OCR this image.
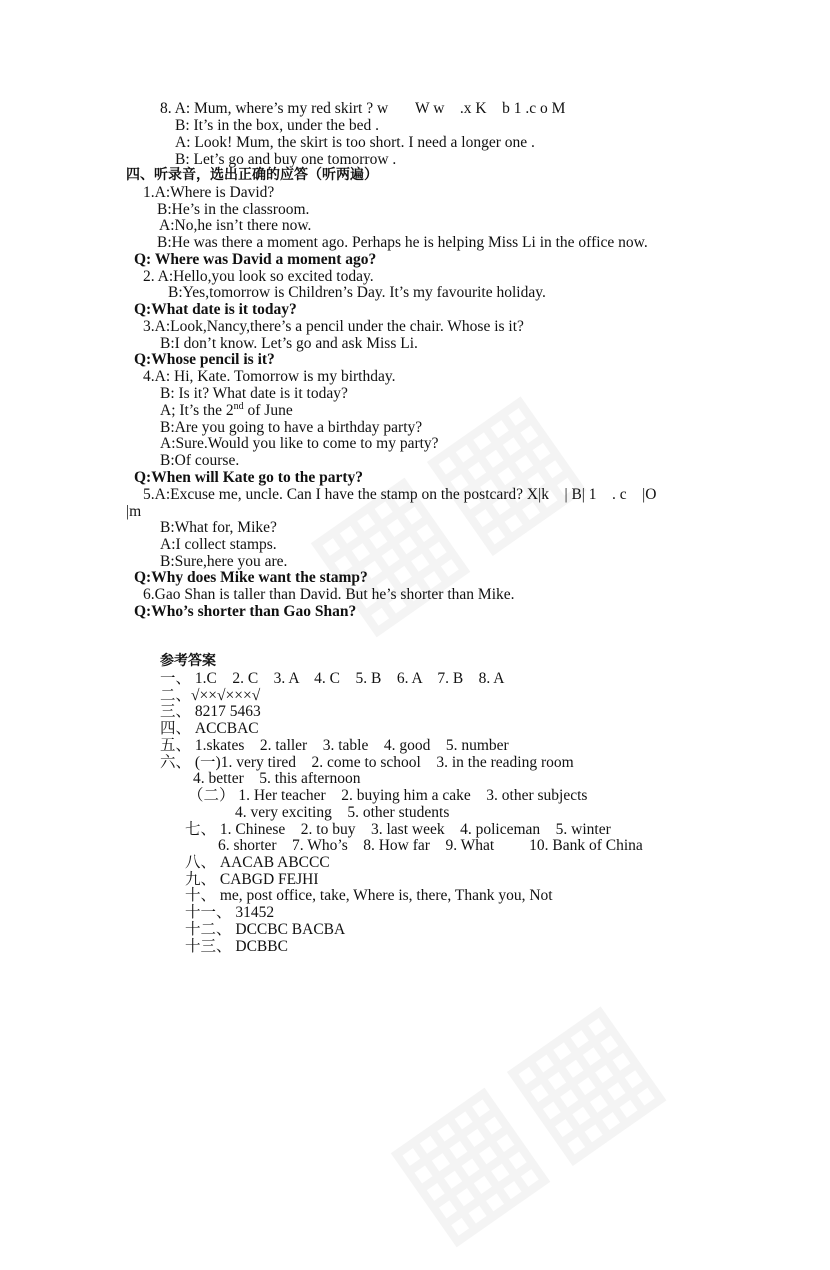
8. A: Mum, where’s my red skirt ? w       W w    .x K    b 1 .c o M
B: It’s in the box, under the bed .
A: Look! Mum, the skirt is too short. I need a longer one .
B: Let’s go and buy one tomorrow .
四、听录音，选出正确的应答（听两遍）
1.A:Where is David?
B:He’s in the classroom.
A:No,he isn’t there now.
B:He was there a moment ago. Perhaps he is helping Miss Li in the office now.
Q: Where was David a moment ago?
2. A:Hello,you look so excited today.
B:Yes,tomorrow is Children’s Day. It’s my favourite holiday.
Q:What date is it today?
3.A:Look,Nancy,there’s a pencil under the chair. Whose is it?
B:I don’t know. Let’s go and ask Miss Li.
Q:Whose pencil is it?
4.A: Hi, Kate. Tomorrow is my birthday.
B: Is it? What date is it today?
A; It’s the 2nd of June
B:Are you going to have a birthday party?
A:Sure.Would you like to come to my party?
B:Of course.
Q:When will Kate go to the party?
5.A:Excuse me, uncle. Can I have the stamp on the postcard? X|k    | B| 1    . c    |O
|m
B:What for, Mike?
A:I collect stamps.
B:Sure,here you are.
Q:Why does Mike want the stamp?
6.Gao Shan is taller than David. But he’s shorter than Mike.
Q:Who’s shorter than Gao Shan?
参考答案
一、 1.C    2. C    3. A    4. C    5. B    6. A    7. B    8. A
二、√××√×××√
三、 8217 5463
四、 ACCBAC
五、 1.skates    2. taller    3. table    4. good    5. number
六、 (一)1. very tired    2. come to school    3. in the reading room
4. better    5. this afternoon
（二） 1. Her teacher    2. buying him a cake    3. other subjects
4. very exciting    5. other students
七、 1. Chinese    2. to buy    3. last week    4. policeman    5. winter
6. shorter    7. Who’s    8. How far    9. What         10. Bank of China
八、 AACAB ABCCC
九、 CABGD FEJHI
十、 me, post office, take, Where is, there, Thank you, Not
十一、 31452
十二、 DCCBC BACBA
十三、 DCBBC
